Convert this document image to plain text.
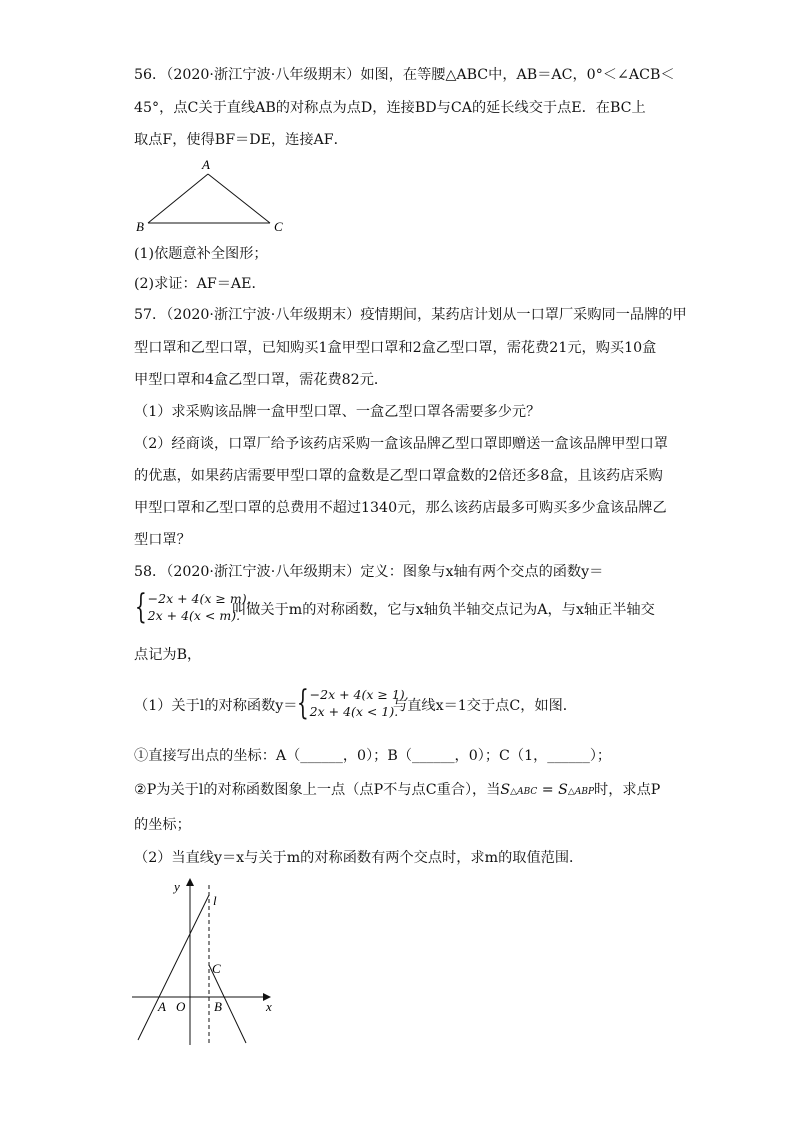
56．（2020·浙江宁波·八年级期末）如图，在等腰△ABC中，AB＝AC，0°＜∠ACB＜
45°，点C关于直线AB的对称点为点D，连接BD与CA的延长线交于点E．在BC上
取点F，使得BF＝DE，连接AF．
A
B	C
(1)依题意补全图形；
(2)求证：AF＝AE．
57．（2020·浙江宁波·八年级期末）疫情期间，某药店计划从一口罩厂采购同一品牌的甲
型口罩和乙型口罩，已知购买1盒甲型口罩和2盒乙型口罩，需花费21元，购买10盒
甲型口罩和4盒乙型口罩，需花费82元．
（1）求采购该品牌一盒甲型口罩、一盒乙型口罩各需要多少元？
（2）经商谈，口罩厂给予该药店采购一盒该品牌乙型口罩即赠送一盒该品牌甲型口罩
的优惠，如果药店需要甲型口罩的盒数是乙型口罩盒数的2倍还多8盒，且该药店采购
甲型口罩和乙型口罩的总费用不超过1340元，那么该药店最多可购买多少盒该品牌乙
型口罩？
58．（2020·浙江宁波·八年级期末）定义：图象与x轴有两个交点的函数y＝
{ −2x + 4(x ≥ m),
2x + 4(x < m).
叫做关于m的对称函数，它与x轴负半轴交点记为A，与x轴正半轴交
点记为B，
（1）关于l的对称函数y＝ { −2x + 4(x ≥ 1),
2x + 4(x < 1).
与直线x＝1交于点C，如图．
①直接写出点的坐标：A（______，0）；B（______，0）；C（1，______）；
②P为关于l的对称函数图象上一点（点P不与点C重合），当S△ABC = S△ABP时，求点P
的坐标；
（2）当直线y＝x与关于m的对称函数有两个交点时，求m的取值范围．
y
x
l
C
A O B
